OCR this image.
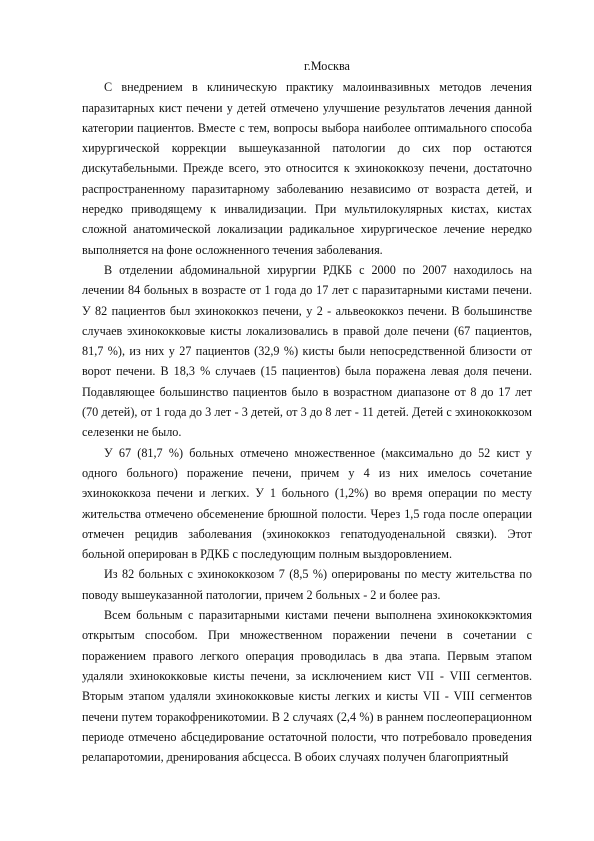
г.Москва

С внедрением в клиническую практику малоинвазивных методов лечения паразитарных кист печени у детей отмечено улучшение результатов лечения данной категории пациентов. Вместе с тем, вопросы выбора наиболее оптимального способа хирургической коррекции вышеуказанной патологии до сих пор остаются дискутабельными. Прежде всего, это относится к эхинококкозу печени, достаточно распространенному паразитарному заболеванию независимо от возраста детей, и нередко приводящему к инвалидизации. При мультилокулярных кистах, кистах сложной анатомической локализации радикальное хирургическое лечение нередко выполняется на фоне осложненного течения заболевания.

В отделении абдоминальной хирургии РДКБ с 2000 по 2007 находилось на лечении 84 больных в возрасте от 1 года до 17 лет с паразитарными кистами печени. У 82 пациентов был эхинококкоз печени, у 2 - альвеококкоз печени. В большинстве случаев эхинококковые кисты локализовались в правой доле печени (67 пациентов, 81,7 %), из них у 27 пациентов (32,9 %) кисты были непосредственной близости от ворот печени. В 18,3 % случаев (15 пациентов) была поражена левая доля печени. Подавляющее большинство пациентов было в возрастном диапазоне от 8 до 17 лет (70 детей), от 1 года до 3 лет - 3 детей, от 3 до 8 лет - 11 детей. Детей с эхинококкозом селезенки не было.

У 67 (81,7 %) больных отмечено множественное (максимально до 52 кист у одного больного) поражение печени, причем у 4 из них имелось сочетание эхинококкоза печени и легких. У 1 больного (1,2%) во время операции по месту жительства отмечено обсеменение брюшной полости. Через 1,5 года после операции отмечен рецидив заболевания (эхинококкоз гепатодуоденальной связки). Этот больной оперирован в РДКБ с последующим полным выздоровлением.

Из 82 больных с эхинококкозом 7 (8,5 %) оперированы по месту жительства по поводу вышеуказанной патологии, причем 2 больных - 2 и более раз.

Всем больным с паразитарными кистами печени выполнена эхинококкэктомия открытым способом. При множественном поражении печени в сочетании с поражением правого легкого операция проводилась в два этапа. Первым этапом удаляли эхинококковые кисты печени, за исключением кист VII - VIII сегментов. Вторым этапом удаляли эхинококковые кисты легких и кисты VII - VIII сегментов печени путем торакофреникотомии. В 2 случаях (2,4 %) в раннем послеоперационном периоде отмечено абсцедирование остаточной полости, что потребовало проведения релапаротомии, дренирования абсцесса. В обоих случаях получен благоприятный
